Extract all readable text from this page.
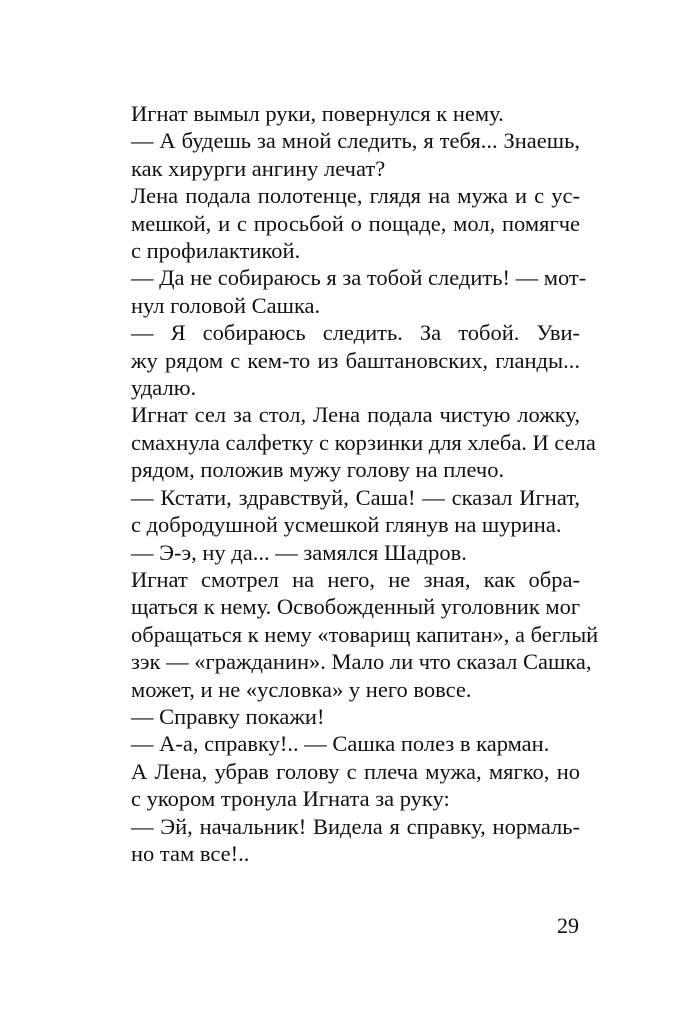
Игнат вымыл руки, повернулся к нему.

— А будешь за мной следить, я тебя... Знаешь,
как хирурги ангину лечат?

Лена подала полотенце, глядя на мужа и с ус-
мешкой, и с просьбой о пощаде, мол, помягче
с профилактикой.

— Да не собираюсь я за тобой следить! — мот-
нул головой Сашка.

— Я собираюсь следить. За тобой. Уви-
жу рядом с кем-то из баштановских, гланды...
удалю.

Игнат сел за стол, Лена подала чистую ложку,
смахнула салфетку с корзинки для хлеба. И села
рядом, положив мужу голову на плечо.

— Кстати, здравствуй, Саша! — сказал Игнат,
с добродушной усмешкой глянув на шурина.

— Э-э, ну да... — замялся Шадров.

Игнат смотрел на него, не зная, как обра-
щаться к нему. Освобожденный уголовник мог
обращаться к нему «товарищ капитан», а беглый
зэк — «гражданин». Мало ли что сказал Сашка,
может, и не «условка» у него вовсе.

— Справку покажи!

— А-а, справку!.. — Сашка полез в карман.

А Лена, убрав голову с плеча мужа, мягко, но
с укором тронула Игната за руку:

— Эй, начальник! Видела я справку, нормаль-
но там все!..

29
